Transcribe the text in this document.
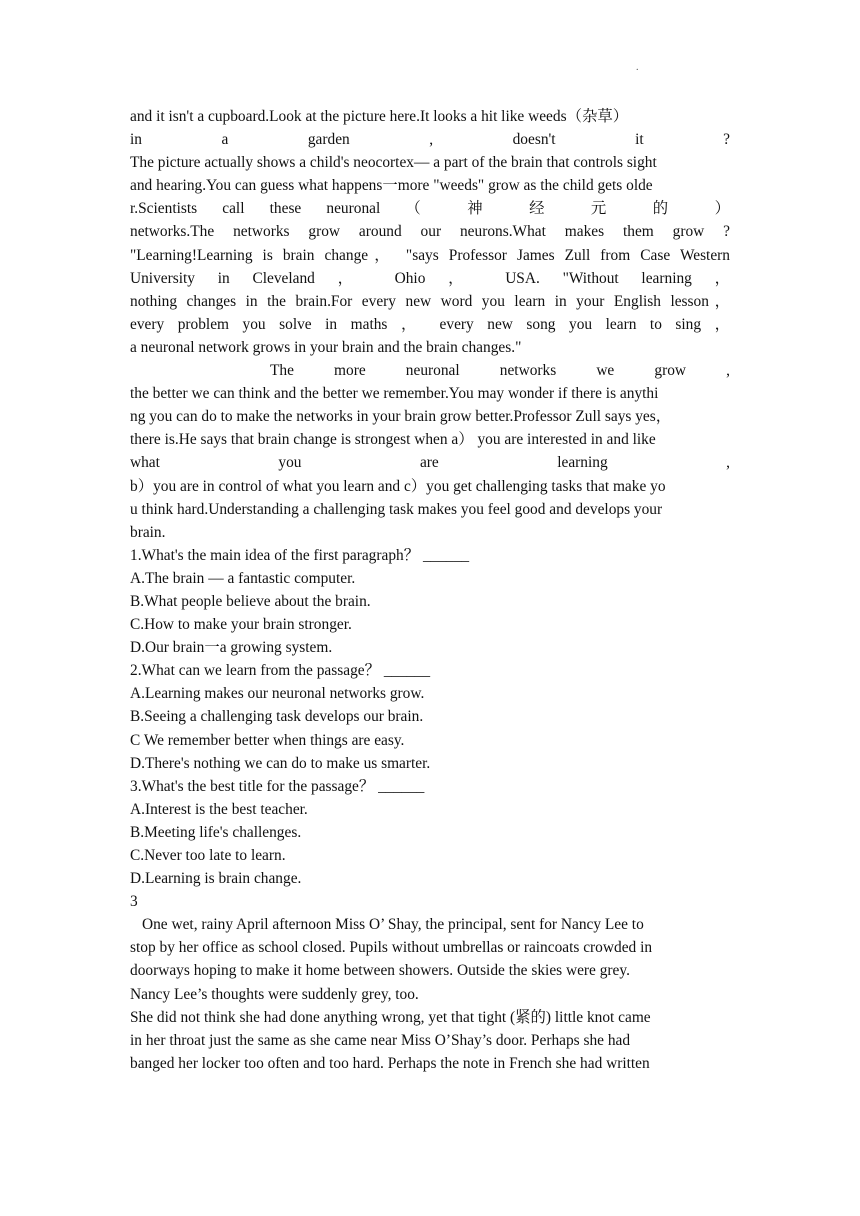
.
and it isn't a cupboard.Look at the picture here.It looks a hit like weeds（杂草）
in a garden , doesn't it ?
The picture actually shows a child's neocortex— a part of the brain that controls sight
and hearing.You can guess what happens一more "weeds" grow as the child gets olde
r.Scientists call these neuronal （ 神 经 元 的 ）
networks.The networks grow around our neurons.What makes them grow ?
"Learning!Learning is brain change， "says Professor James Zull from Case Western
University in Cleveland ， Ohio ， USA. "Without learning ，
nothing changes in the brain.For every new word you learn in your English lesson，
every problem you solve in maths ， every new song you learn to sing ，
a neuronal network grows in your brain and the brain changes."
The more neuronal networks we grow ,
the better we can think and the better we remember.You may wonder if there is anythi
ng you can do to make the networks in your brain grow better.Professor Zull says yes，
there is.He says that brain change is strongest when a） you are interested in and like
what you are learning ,
b）you are in control of what you learn and c）you get challenging tasks that make yo
u think hard.Understanding a challenging task makes you feel good and develops your
brain.
1.What's the main idea of the first paragraph？ ______
A.The brain — a fantastic computer.
B.What people believe about the brain.
C.How to make your brain stronger.
D.Our brain一a growing system.
2.What can we learn from the passage？ ______
A.Learning makes our neuronal networks grow.
B.Seeing a challenging task develops our brain.
C We remember better when things are easy.
D.There's nothing we can do to make us smarter.
3.What's the best title for the passage？ ______
A.Interest is the best teacher.
B.Meeting life's challenges.
C.Never too late to learn.
D.Learning is brain change.
3
One wet, rainy April afternoon Miss O’ Shay, the principal, sent for Nancy Lee to
stop by her office as school closed. Pupils without umbrellas or raincoats crowded in
doorways hoping to make it home between showers. Outside the skies were grey.
Nancy Lee’s thoughts were suddenly grey, too.
She did not think she had done anything wrong, yet that tight (紧的) little knot came
in her throat just the same as she came near Miss O’Shay’s door. Perhaps she had
banged her locker too often and too hard. Perhaps the note in French she had written
